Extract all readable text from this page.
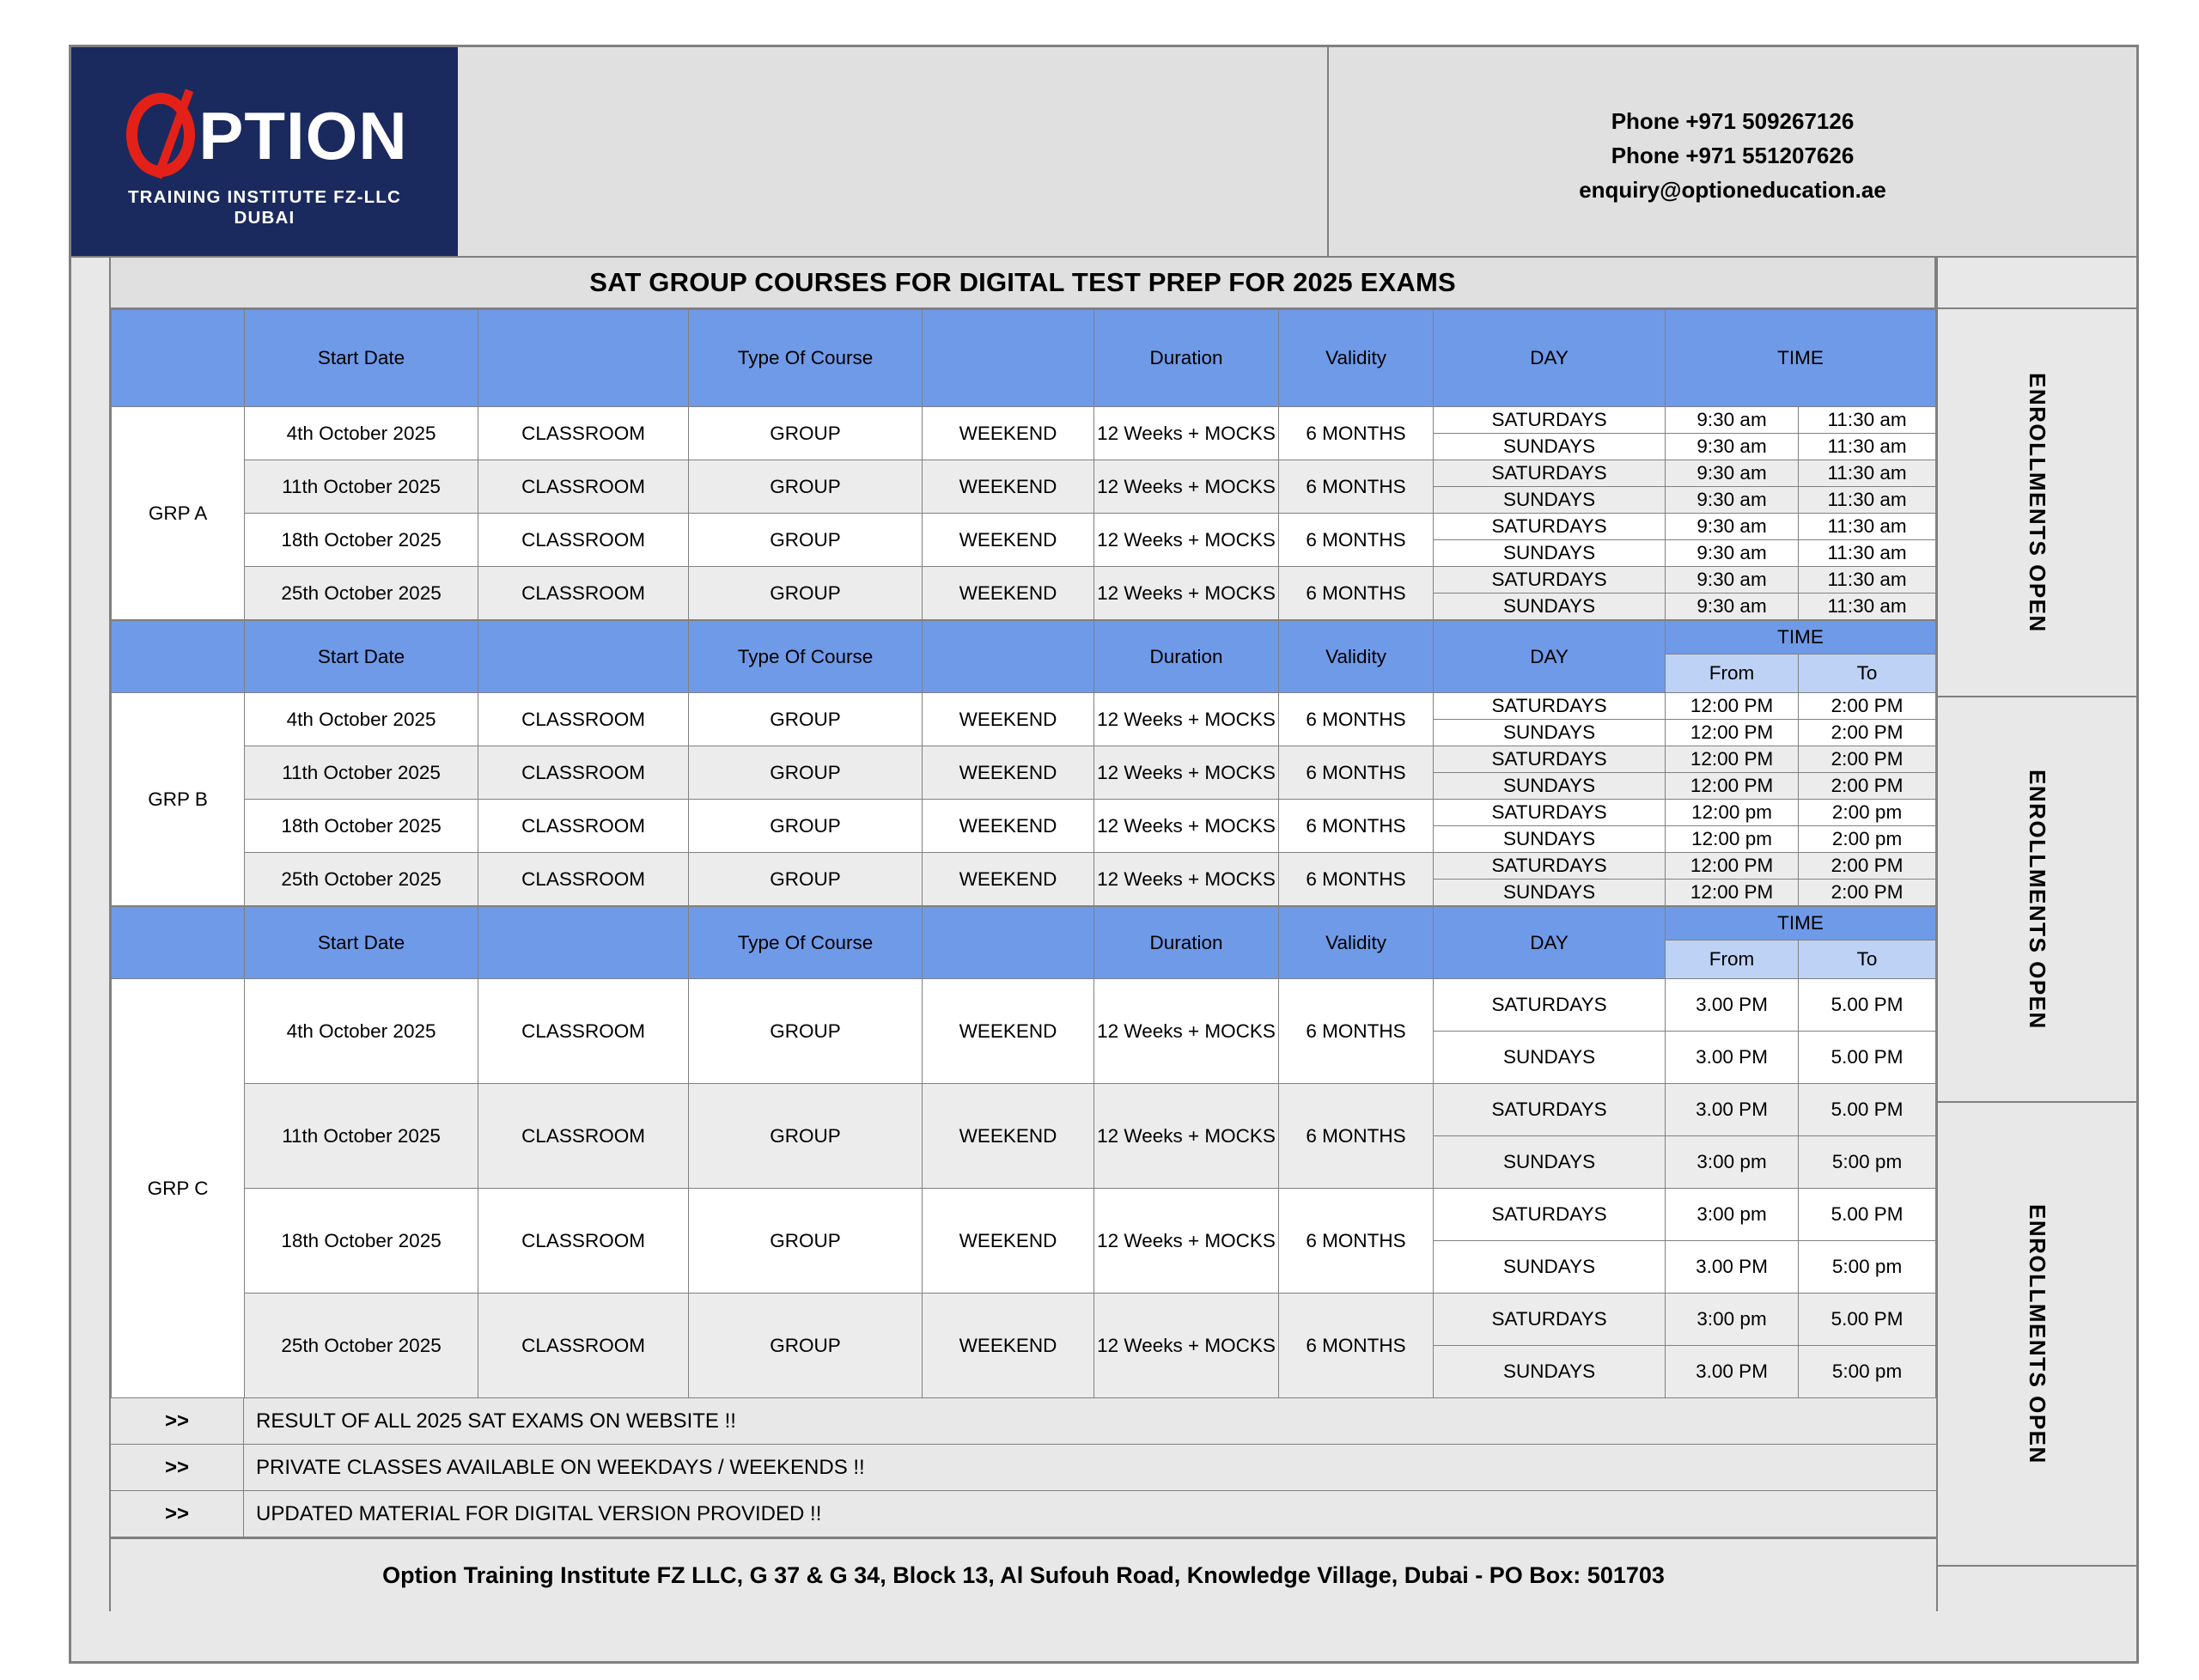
PTION
TRAINING INSTITUTE FZ-LLC
DUBAI
Phone +971 509267126
Phone +971 551207626
enquiry@optioneducation.ae
SAT GROUP COURSES FOR DIGITAL TEST PREP FOR 2025 EXAMS
	Start Date		Type Of Course		Duration	Validity	DAY	TIME	
GRP A	4th October 2025	CLASSROOM	GROUP	WEEKEND	12 Weeks + MOCKS	6 MONTHS	SATURDAYS	9:30 am	11:30 am
							SUNDAYS	9:30 am	11:30 am
	11th October 2025	CLASSROOM	GROUP	WEEKEND	12 Weeks + MOCKS	6 MONTHS	SATURDAYS	9:30 am	11:30 am
							SUNDAYS	9:30 am	11:30 am
	18th October 2025	CLASSROOM	GROUP	WEEKEND	12 Weeks + MOCKS	6 MONTHS	SATURDAYS	9:30 am	11:30 am
							SUNDAYS	9:30 am	11:30 am
	25th October 2025	CLASSROOM	GROUP	WEEKEND	12 Weeks + MOCKS	6 MONTHS	SATURDAYS	9:30 am	11:30 am
							SUNDAYS	9:30 am	11:30 am
	Start Date		Type Of Course		Duration	Validity	DAY	TIME	
								From	To
GRP B	4th October 2025	CLASSROOM	GROUP	WEEKEND	12 Weeks + MOCKS	6 MONTHS	SATURDAYS	12:00 PM	2:00 PM
							SUNDAYS	12:00 PM	2:00 PM
	11th October 2025	CLASSROOM	GROUP	WEEKEND	12 Weeks + MOCKS	6 MONTHS	SATURDAYS	12:00 PM	2:00 PM
							SUNDAYS	12:00 PM	2:00 PM
	18th October 2025	CLASSROOM	GROUP	WEEKEND	12 Weeks + MOCKS	6 MONTHS	SATURDAYS	12:00 pm	2:00 pm
							SUNDAYS	12:00 pm	2:00 pm
	25th October 2025	CLASSROOM	GROUP	WEEKEND	12 Weeks + MOCKS	6 MONTHS	SATURDAYS	12:00 PM	2:00 PM
							SUNDAYS	12:00 PM	2:00 PM
	Start Date		Type Of Course		Duration	Validity	DAY	TIME	
								From	To
GRP C	4th October 2025	CLASSROOM	GROUP	WEEKEND	12 Weeks + MOCKS	6 MONTHS	SATURDAYS	3.00 PM	5.00 PM
							SUNDAYS	3.00 PM	5.00 PM
	11th October 2025	CLASSROOM	GROUP	WEEKEND	12 Weeks + MOCKS	6 MONTHS	SATURDAYS	3.00 PM	5.00 PM
							SUNDAYS	3:00 pm	5:00 pm
	18th October 2025	CLASSROOM	GROUP	WEEKEND	12 Weeks + MOCKS	6 MONTHS	SATURDAYS	3:00 pm	5.00 PM
							SUNDAYS	3.00 PM	5:00 pm
	25th October 2025	CLASSROOM	GROUP	WEEKEND	12 Weeks + MOCKS	6 MONTHS	SATURDAYS	3:00 pm	5.00 PM
							SUNDAYS	3.00 PM	5:00 pm
>>	RESULT OF ALL 2025 SAT EXAMS ON WEBSITE !!
>>	PRIVATE CLASSES AVAILABLE ON WEEKDAYS / WEEKENDS !!
>>	UPDATED MATERIAL FOR DIGITAL VERSION PROVIDED !!
Option Training Institute FZ LLC, G 37 & G 34, Block 13, Al Sufouh Road, Knowledge Village, Dubai - PO Box: 501703
ENROLLMENTS OPEN
ENROLLMENTS OPEN
ENROLLMENTS OPEN
